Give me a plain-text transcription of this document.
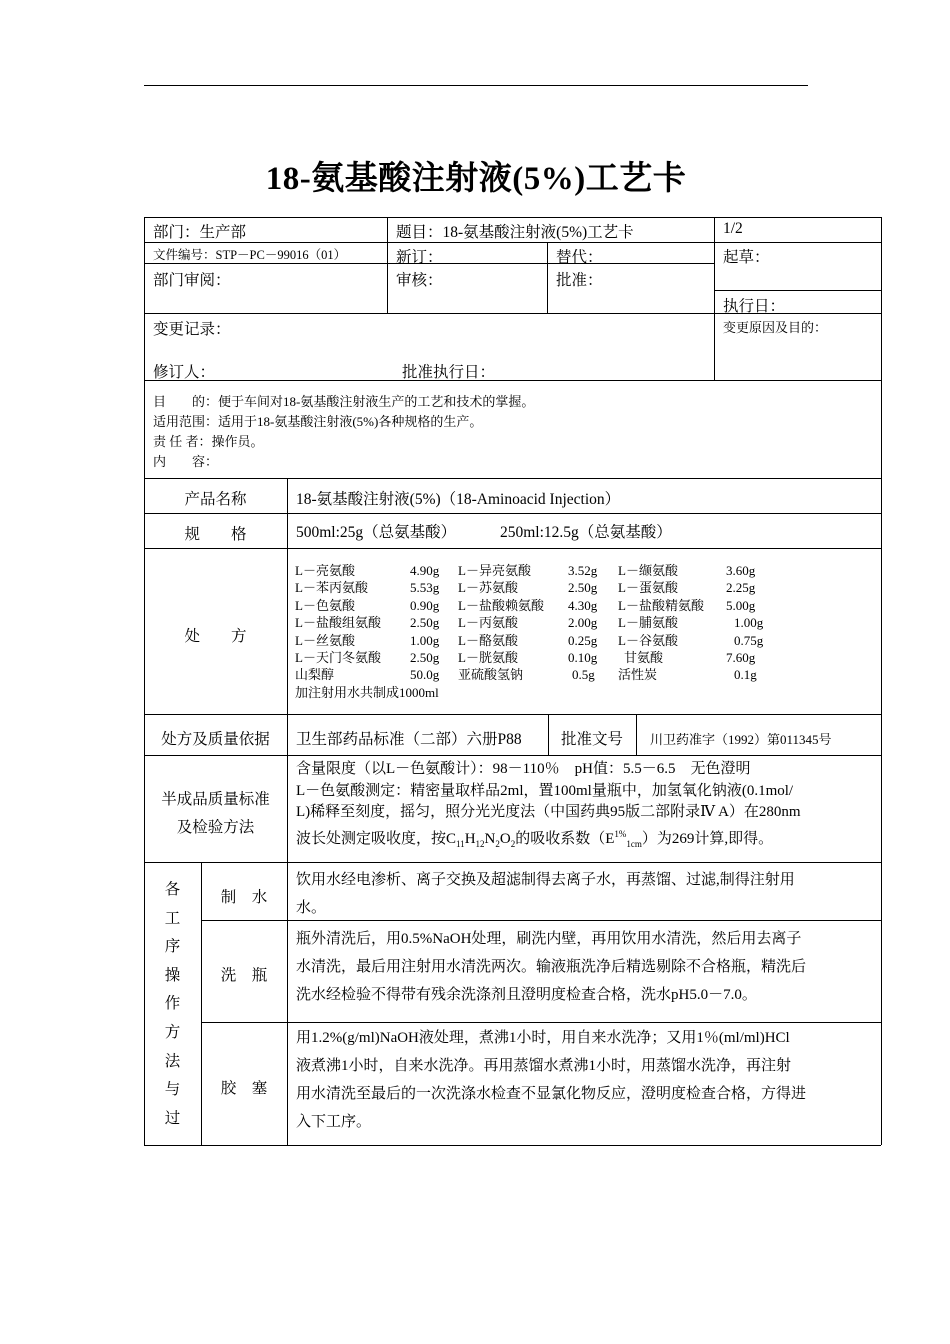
18-氨基酸注射液(5%)工艺卡
部门：生产部	题目：18-氨基酸注射液(5%)工艺卡	1/2
文件编号：STP－PC－99016（01）	新订：	替代：	起草：
部门审阅：	审核：	批准：
执行日：
变更记录：	变更原因及目的：
修订人：	批准执行日：
目　　的：便于车间对18-氨基酸注射液生产的工艺和技术的掌握。
适用范围：适用于18-氨基酸注射液(5%)各种规格的生产。
责 任 者：操作员。
内　　容：
产品名称	18-氨基酸注射液(5%)（18-Aminoacid Injection）
规　　格	500ml:25g（总氨基酸）	250ml:12.5g（总氨基酸）
处　　方
L－亮氨酸	4.90g	L－异亮氨酸	3.52g	L－缬氨酸	3.60g
L－苯丙氨酸	5.53g	L－苏氨酸	2.50g	L－蛋氨酸	2.25g
L－色氨酸	0.90g	L－盐酸赖氨酸	4.30g	L－盐酸精氨酸	5.00g
L－盐酸组氨酸	2.50g	L－丙氨酸	2.00g	L－脯氨酸	1.00g
L－丝氨酸	1.00g	L－酪氨酸	0.25g	L－谷氨酸	0.75g
L－天门冬氨酸	2.50g	L－胱氨酸	0.10g	甘氨酸	7.60g
山梨醇	50.0g	亚硫酸氢钠	0.5g	活性炭	0.1g
加注射用水共制成1000ml
处方及质量依据	卫生部药品标准（二部）六册P88	批准文号 川卫药准字（1992）第011345号
半成品质量标准
及检验方法
含量限度（以L－色氨酸计）：98－110％　pH值：5.5－6.5　无色澄明
L－色氨酸测定：精密量取样品2ml，置100ml量瓶中，加氢氧化钠液(0.1mol/
L)稀释至刻度，摇匀，照分光光度法（中国药典95版二部附录Ⅳ A）在280nm
波长处测定吸收度，按$C_{11}H_{12}N_2O_2$的吸收系数$(E^{1\%}_{1cm})$为269计算,即得。
各
工
序
操
作
方
法
与
过
制　水
饮用水经电渗析、离子交换及超滤制得去离子水，再蒸馏、过滤,制得注射用
水。
洗　瓶
瓶外清洗后，用0.5%NaOH处理，刷洗内壁，再用饮用水清洗，然后用去离子
水清洗，最后用注射用水清洗两次。输液瓶洗净后精选剔除不合格瓶，精洗后
洗水经检验不得带有残余洗涤剂且澄明度检查合格，洗水pH5.0－7.0。
胶　塞
用1.2%(g/ml)NaOH液处理，煮沸1小时，用自来水洗净；又用1％(ml/ml)HCl
液煮沸1小时，自来水洗净。再用蒸馏水煮沸1小时，用蒸馏水洗净，再注射
用水清洗至最后的一次洗涤水检查不显氯化物反应，澄明度检查合格，方得进
入下工序。
